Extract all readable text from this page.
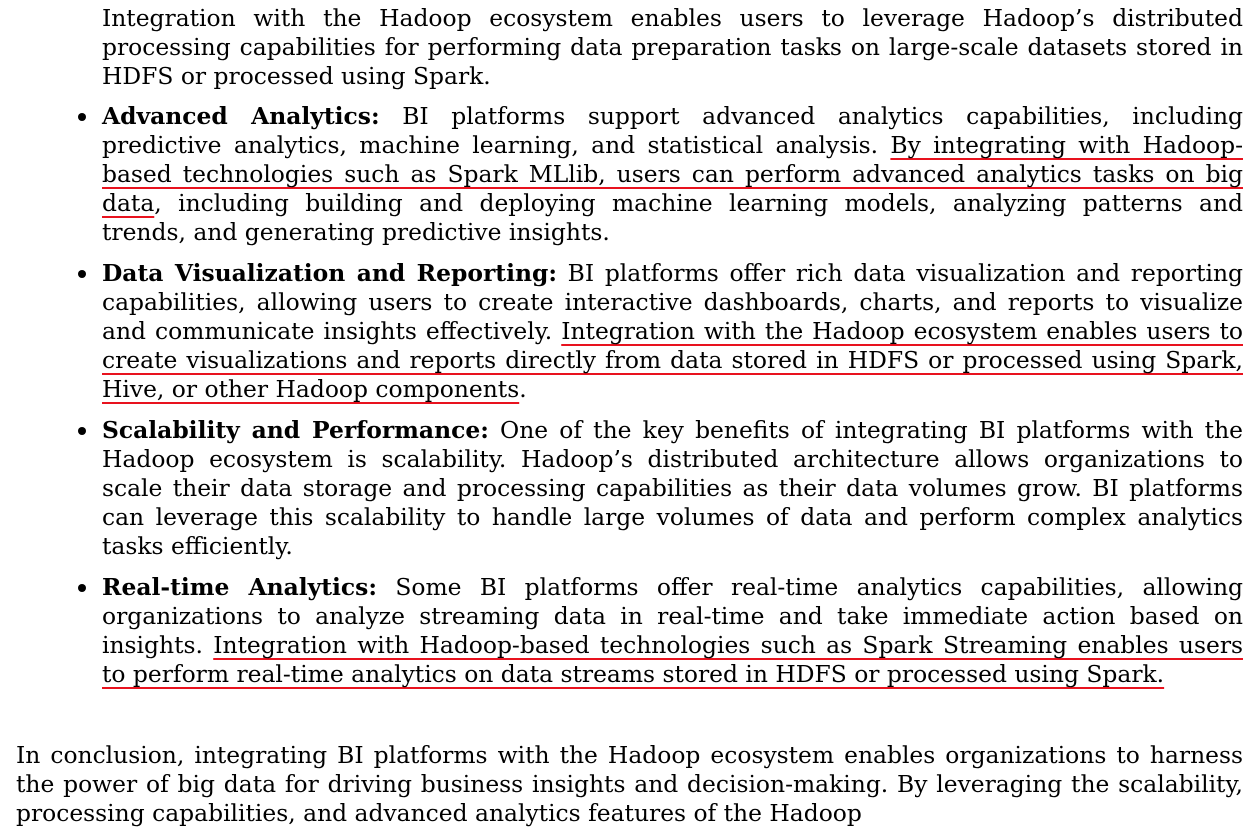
Integration with the Hadoop ecosystem enables users to leverage Hadoop’s distributed processing capabilities for performing data preparation tasks on large-scale datasets stored in HDFS or processed using Spark.

Advanced Analytics: BI platforms support advanced analytics capabilities, including predictive analytics, machine learning, and statistical analysis. By integrating with Hadoop-based technologies such as Spark MLlib, users can perform advanced analytics tasks on big data, including building and deploying machine learning models, analyzing patterns and trends, and generating predictive insights.
Data Visualization and Reporting: BI platforms offer rich data visualization and reporting capabilities, allowing users to create interactive dashboards, charts, and reports to visualize and communicate insights effectively. Integration with the Hadoop ecosystem enables users to create visualizations and reports directly from data stored in HDFS or processed using Spark, Hive, or other Hadoop components.
Scalability and Performance: One of the key benefits of integrating BI platforms with the Hadoop ecosystem is scalability. Hadoop’s distributed architecture allows organizations to scale their data storage and processing capabilities as their data volumes grow. BI platforms can leverage this scalability to handle large volumes of data and perform complex analytics tasks efficiently.
Real-time Analytics: Some BI platforms offer real-time analytics capabilities, allowing organizations to analyze streaming data in real-time and take immediate action based on insights. Integration with Hadoop-based technologies such as Spark Streaming enables users to perform real-time analytics on data streams stored in HDFS or processed using Spark.

In conclusion, integrating BI platforms with the Hadoop ecosystem enables organizations to harness the power of big data for driving business insights and decision-making. By leveraging the scalability, processing capabilities, and advanced analytics features of the Hadoop
